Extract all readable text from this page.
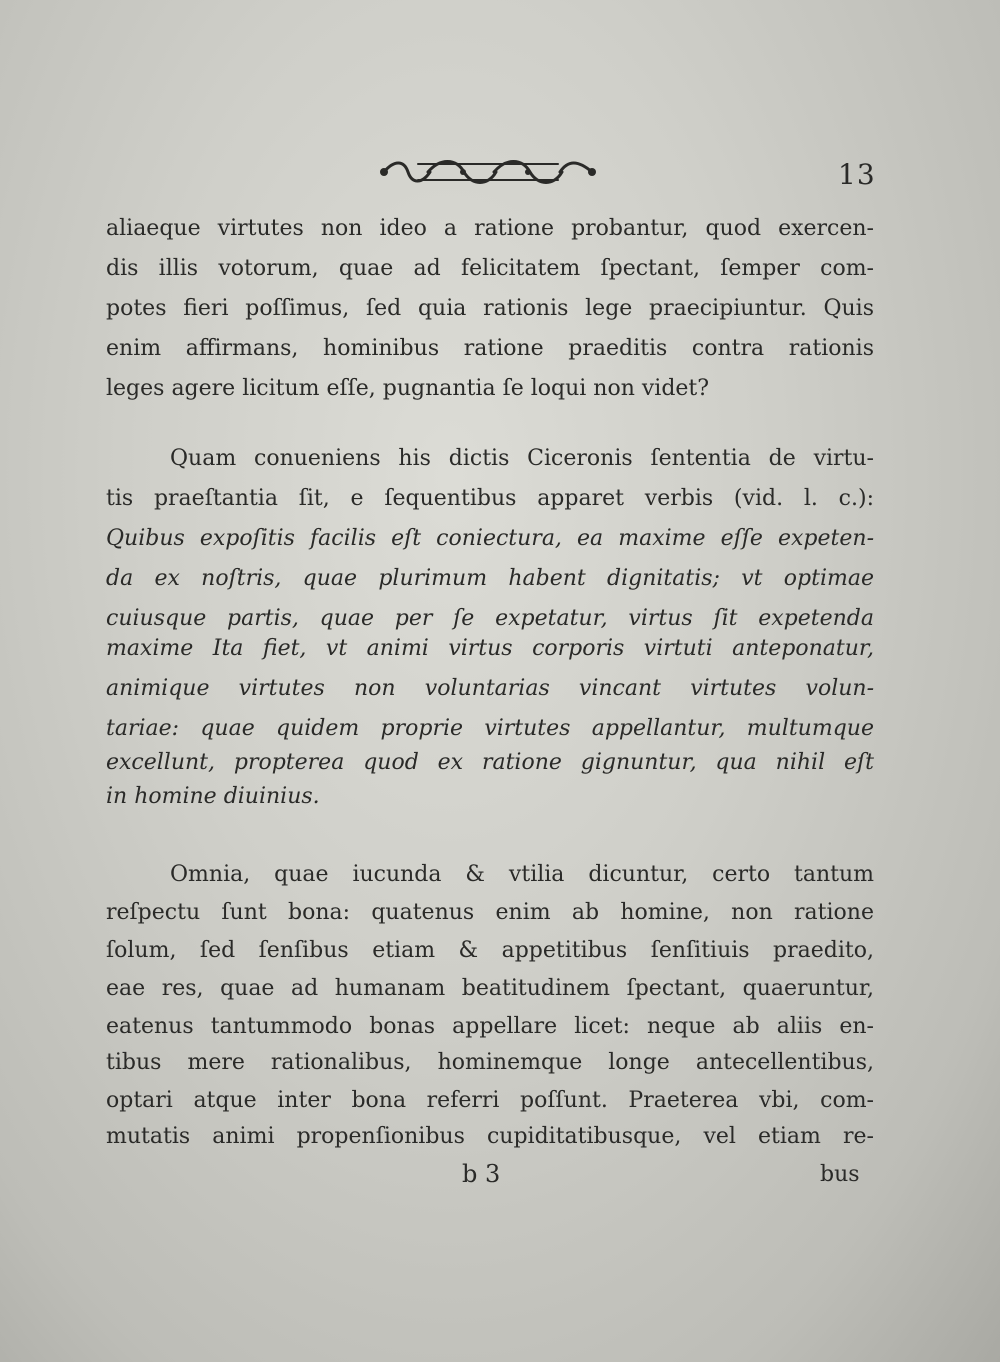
13
aliaeque virtutes non ideo a ratione probantur, quod exercen-
dis illis votorum, quae ad felicitatem ſpectant, ſemper com-
potes fieri poſſimus, ſed quia rationis lege praecipiuntur. Quis
enim affirmans, hominibus ratione praeditis contra rationis
leges agere licitum eſſe, pugnantia ſe loqui non videt?
Quam conueniens his dictis Ciceronis ſententia de virtu-
tis praeſtantia ſit, e ſequentibus apparet verbis (vid. l. c.):
Quibus expoſitis facilis eſt coniectura, ea maxime eſſe expeten-
da ex noſtris, quae plurimum habent dignitatis; vt optimae
cuiusque partis, quae per ſe expetatur, virtus ſit expetenda
maxime Ita fiet, vt animi virtus corporis virtuti anteponatur,
animique virtutes non voluntarias vincant virtutes volun-
tariae: quae quidem proprie virtutes appellantur, multumque
excellunt, propterea quod ex ratione gignuntur, qua nihil eſt
in homine diuinius.
Omnia, quae iucunda & vtilia dicuntur, certo tantum
reſpectu ſunt bona: quatenus enim ab homine, non ratione
ſolum, ſed ſenſibus etiam & appetitibus ſenſitiuis praedito,
eae res, quae ad humanam beatitudinem ſpectant, quaeruntur,
eatenus tantummodo bonas appellare licet: neque ab aliis en-
tibus mere rationalibus, hominemque longe antecellentibus,
optari atque inter bona referri poſſunt. Praeterea vbi, com-
mutatis animi propenſionibus cupiditatibusque, vel etiam re-
b 3	bus
